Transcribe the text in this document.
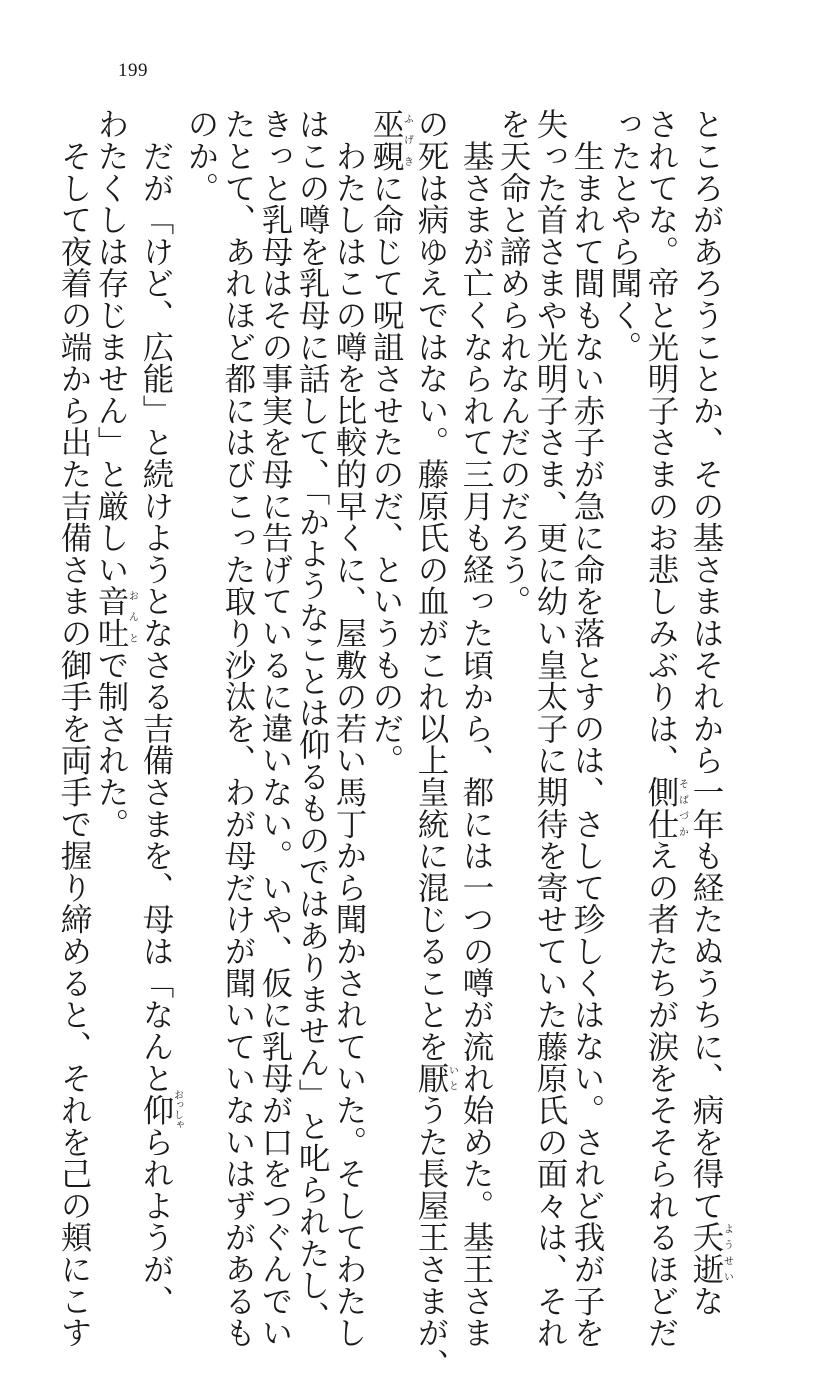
199
ところがあろうことか、その基さまはそれから一年も経たぬうちに、病を得て夭逝ようせいな
されてな。帝と光明子さまのお悲しみぶりは、側仕そばづかえの者たちが涙をそそられるほどだ
ったとやら聞く。
　生まれて間もない赤子が急に命を落とすのは、さして珍しくはない。されど我が子を
失った首さまや光明子さま、更に幼い皇太子に期待を寄せていた藤原氏の面々は、それ
を天命と諦められなんだのだろう。
　基さまが亡くなられて三月も経った頃から、都には一つの噂が流れ始めた。基王さま
の死は病ゆえではない。藤原氏の血がこれ以上皇統に混じることを厭いとうた長屋王さまが、
巫覡ふげきに命じて呪詛させたのだ、というものだ。
　わたしはこの噂を比較的早くに、屋敷の若い馬丁から聞かされていた。そしてわたし
はこの噂を乳母に話して、「かようなことは仰るものではありません」と叱られたし、
きっと乳母はその事実を母に告げているに違いない。いや、仮に乳母が口をつぐんでい
たとて、あれほど都にはびこった取り沙汰を、わが母だけが聞いていないはずがあるも
のか。
　だが「けど、広能」と続けようとなさる吉備さまを、母は「なんと仰おっしゃられようが、
わたくしは存じません」と厳しい音吐おんとで制された。
　そして夜着の端から出た吉備さまの御手を両手で握り締めると、それを己の頬にこす
